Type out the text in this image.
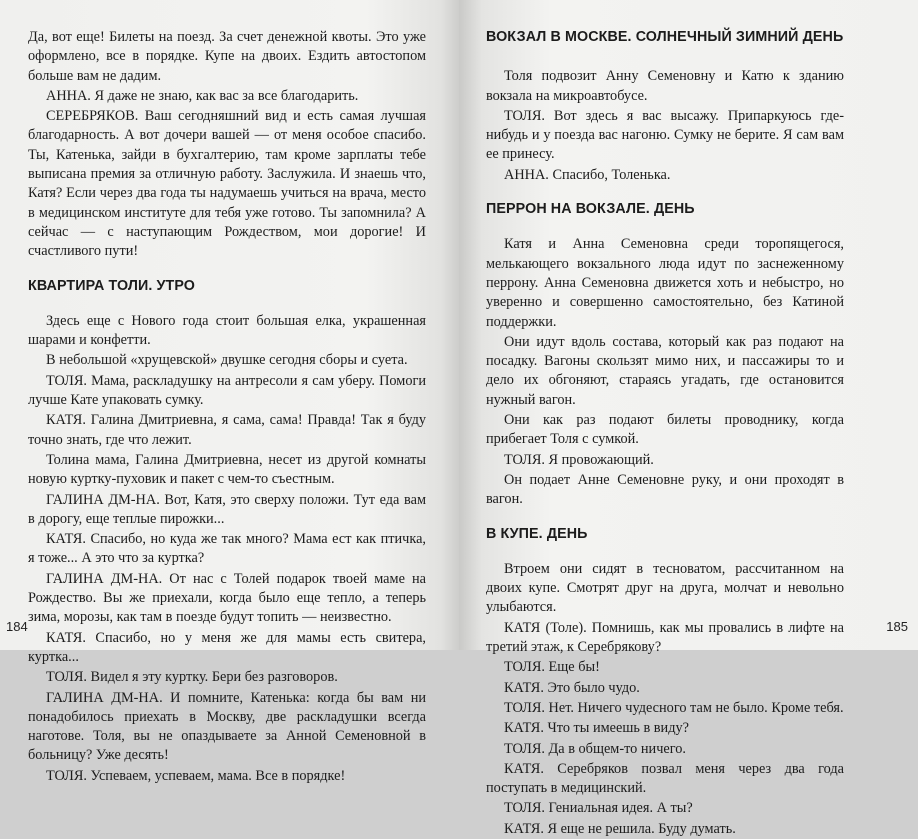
Да, вот еще! Билеты на поезд. За счет денежной квоты. Это уже оформлено, все в порядке. Купе на двоих. Ездить автостопом больше вам не дадим.

АННА. Я даже не знаю, как вас за все благодарить.

СЕРЕБРЯКОВ. Ваш сегодняшний вид и есть самая лучшая благодарность. А вот дочери вашей — от меня особое спасибо. Ты, Катенька, зайди в бухгалтерию, там кроме зарплаты тебе выписана премия за отличную работу. Заслужила. И знаешь что, Катя? Если через два года ты надумаешь учиться на врача, место в медицинском институте для тебя уже готово. Ты запомнила? А сейчас — с наступающим Рождеством, мои дорогие! И счастливого пути!

КВАРТИРА ТОЛИ. УТРО

Здесь еще с Нового года стоит большая елка, украшенная шарами и конфетти.

В небольшой «хрущевской» двушке сегодня сборы и суета.

ТОЛЯ. Мама, раскладушку на антресоли я сам уберу. Помоги лучше Кате упаковать сумку.

КАТЯ. Галина Дмитриевна, я сама, сама! Правда! Так я буду точно знать, где что лежит.

Толина мама, Галина Дмитриевна, несет из другой комнаты новую куртку-пуховик и пакет с чем-то съестным.

ГАЛИНА ДМ-НА. Вот, Катя, это сверху положи. Тут еда вам в дорогу, еще теплые пирожки...

КАТЯ. Спасибо, но куда же так много? Мама ест как птичка, я тоже... А это что за куртка?

ГАЛИНА ДМ-НА. От нас с Толей подарок твоей маме на Рождество. Вы же приехали, когда было еще тепло, а теперь зима, морозы, как там в поезде будут топить — неизвестно.

КАТЯ. Спасибо, но у меня же для мамы есть свитера, куртка...

ТОЛЯ. Видел я эту куртку. Бери без разговоров.

ГАЛИНА ДМ-НА. И помните, Катенька: когда бы вам ни понадобилось приехать в Москву, две раскладушки всегда наготове. Толя, вы не опаздываете за Анной Семеновной в больницу? Уже десять!

ТОЛЯ. Успеваем, успеваем, мама. Все в порядке!

184
ВОКЗАЛ В МОСКВЕ. СОЛНЕЧНЫЙ ЗИМНИЙ ДЕНЬ

Толя подвозит Анну Семеновну и Катю к зданию вокзала на микроавтобусе.

ТОЛЯ. Вот здесь я вас высажу. Припаркуюсь где-нибудь и у поезда вас нагоню. Сумку не берите. Я сам вам ее принесу.

АННА. Спасибо, Толенька.

ПЕРРОН НА ВОКЗАЛЕ. ДЕНЬ

Катя и Анна Семеновна среди торопящегося, мелькающего вокзального люда идут по заснеженному перрону. Анна Семеновна движется хоть и небыстро, но уверенно и совершенно самостоятельно, без Катиной поддержки.

Они идут вдоль состава, который как раз подают на посадку. Вагоны скользят мимо них, и пассажиры то и дело их обгоняют, стараясь угадать, где остановится нужный вагон.

Они как раз подают билеты проводнику, когда прибегает Толя с сумкой.

ТОЛЯ. Я провожающий.

Он подает Анне Семеновне руку, и они проходят в вагон.

В КУПЕ. ДЕНЬ

Втроем они сидят в тесноватом, рассчитанном на двоих купе. Смотрят друг на друга, молчат и невольно улыбаются.

КАТЯ (Толе). Помнишь, как мы провались в лифте на третий этаж, к Серебрякову?

ТОЛЯ. Еще бы!

КАТЯ. Это было чудо.

ТОЛЯ. Нет. Ничего чудесного там не было. Кроме тебя.

КАТЯ. Что ты имеешь в виду?

ТОЛЯ. Да в общем-то ничего.

КАТЯ. Серебряков позвал меня через два года поступать в медицинский.

ТОЛЯ. Гениальная идея. А ты?

КАТЯ. Я еще не решила. Буду думать.

185
